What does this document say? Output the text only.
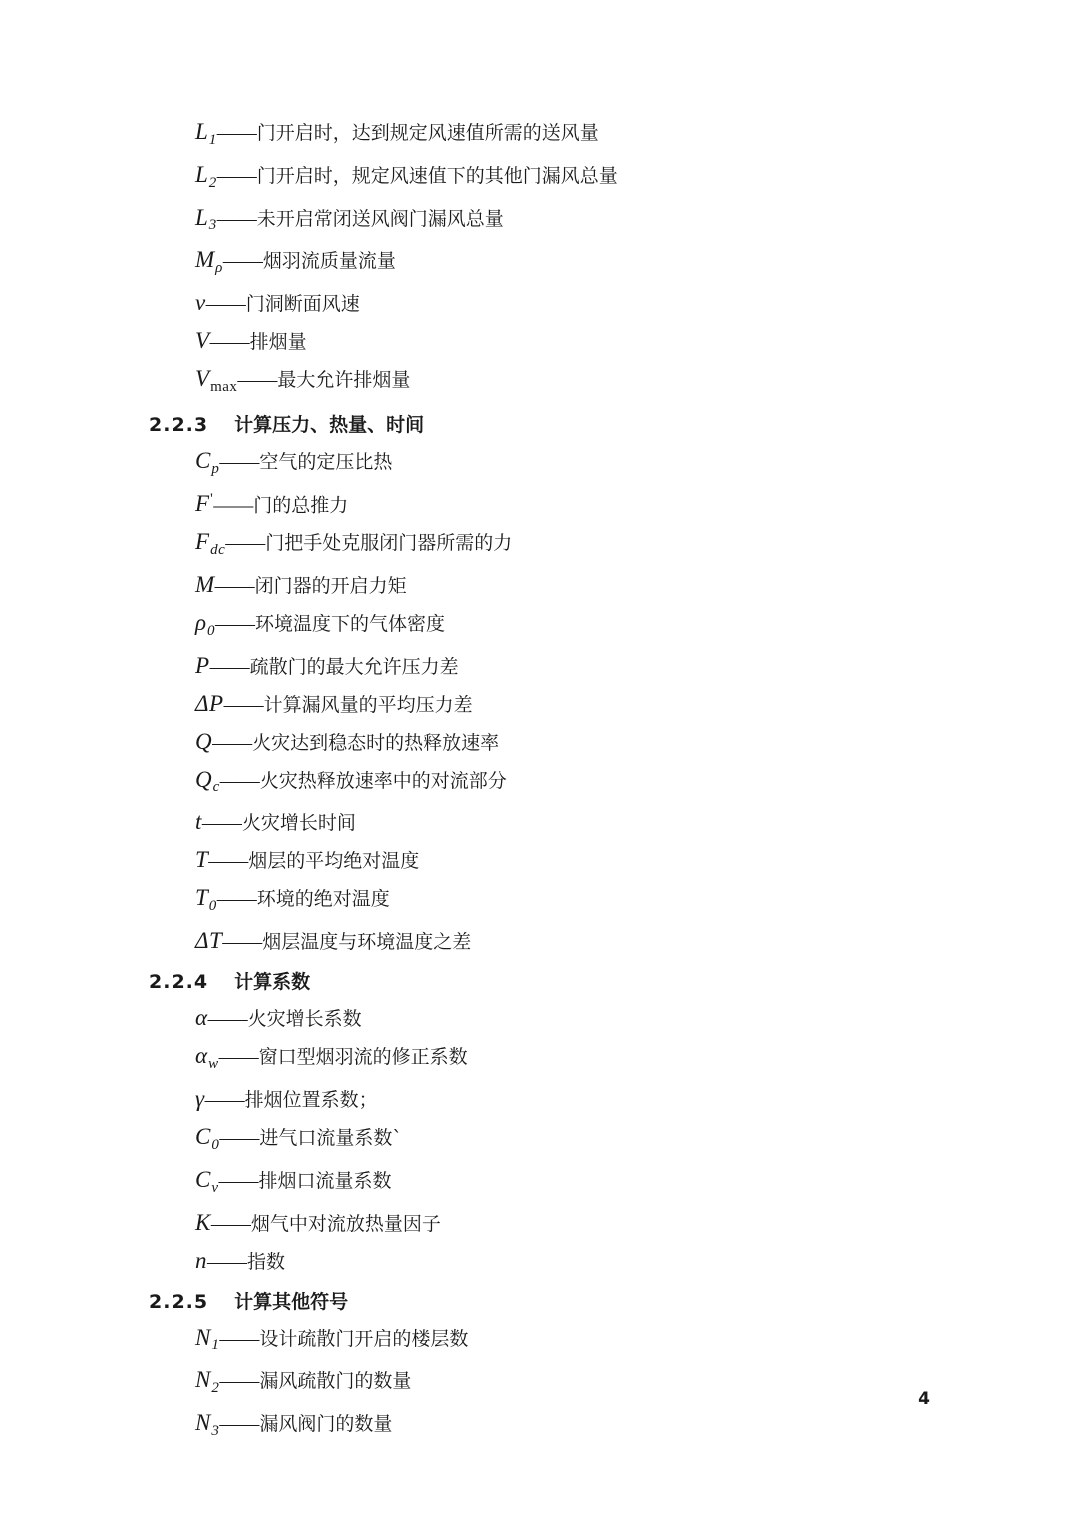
$L_1——$门开启时，达到规定风速值所需的送风量
$L_2——$门开启时，规定风速值下的其他门漏风总量
$L_3——$未开启常闭送风阀门漏风总量
$M_\rho——$烟羽流质量流量
v——门洞断面风速
V——排烟量
$V_{max}——$最大允许排烟量
2.2.3 计算压力、热量、时间
$C_p——$空气的定压比热
F'——门的总推力
$F_{dc}——$门把手处克服闭门器所需的力
M——闭门器的开启力矩
$\rho_0——$环境温度下的气体密度
P——疏散门的最大允许压力差
ΔP——计算漏风量的平均压力差
Q——火灾达到稳态时的热释放速率
$Q_c——$火灾热释放速率中的对流部分
t——火灾增长时间
T——烟层的平均绝对温度
$T_0——$环境的绝对温度
ΔT——烟层温度与环境温度之差
2.2.4 计算系数
α——火灾增长系数
$\alpha_w——$窗口型烟羽流的修正系数
γ——排烟位置系数；
$C_0——$进气口流量系数`
$C_v——$排烟口流量系数
K——烟气中对流放热量因子
n——指数
2.2.5 计算其他符号
$N_1——$设计疏散门开启的楼层数
$N_2——$漏风疏散门的数量
$N_3——$漏风阀门的数量
4
